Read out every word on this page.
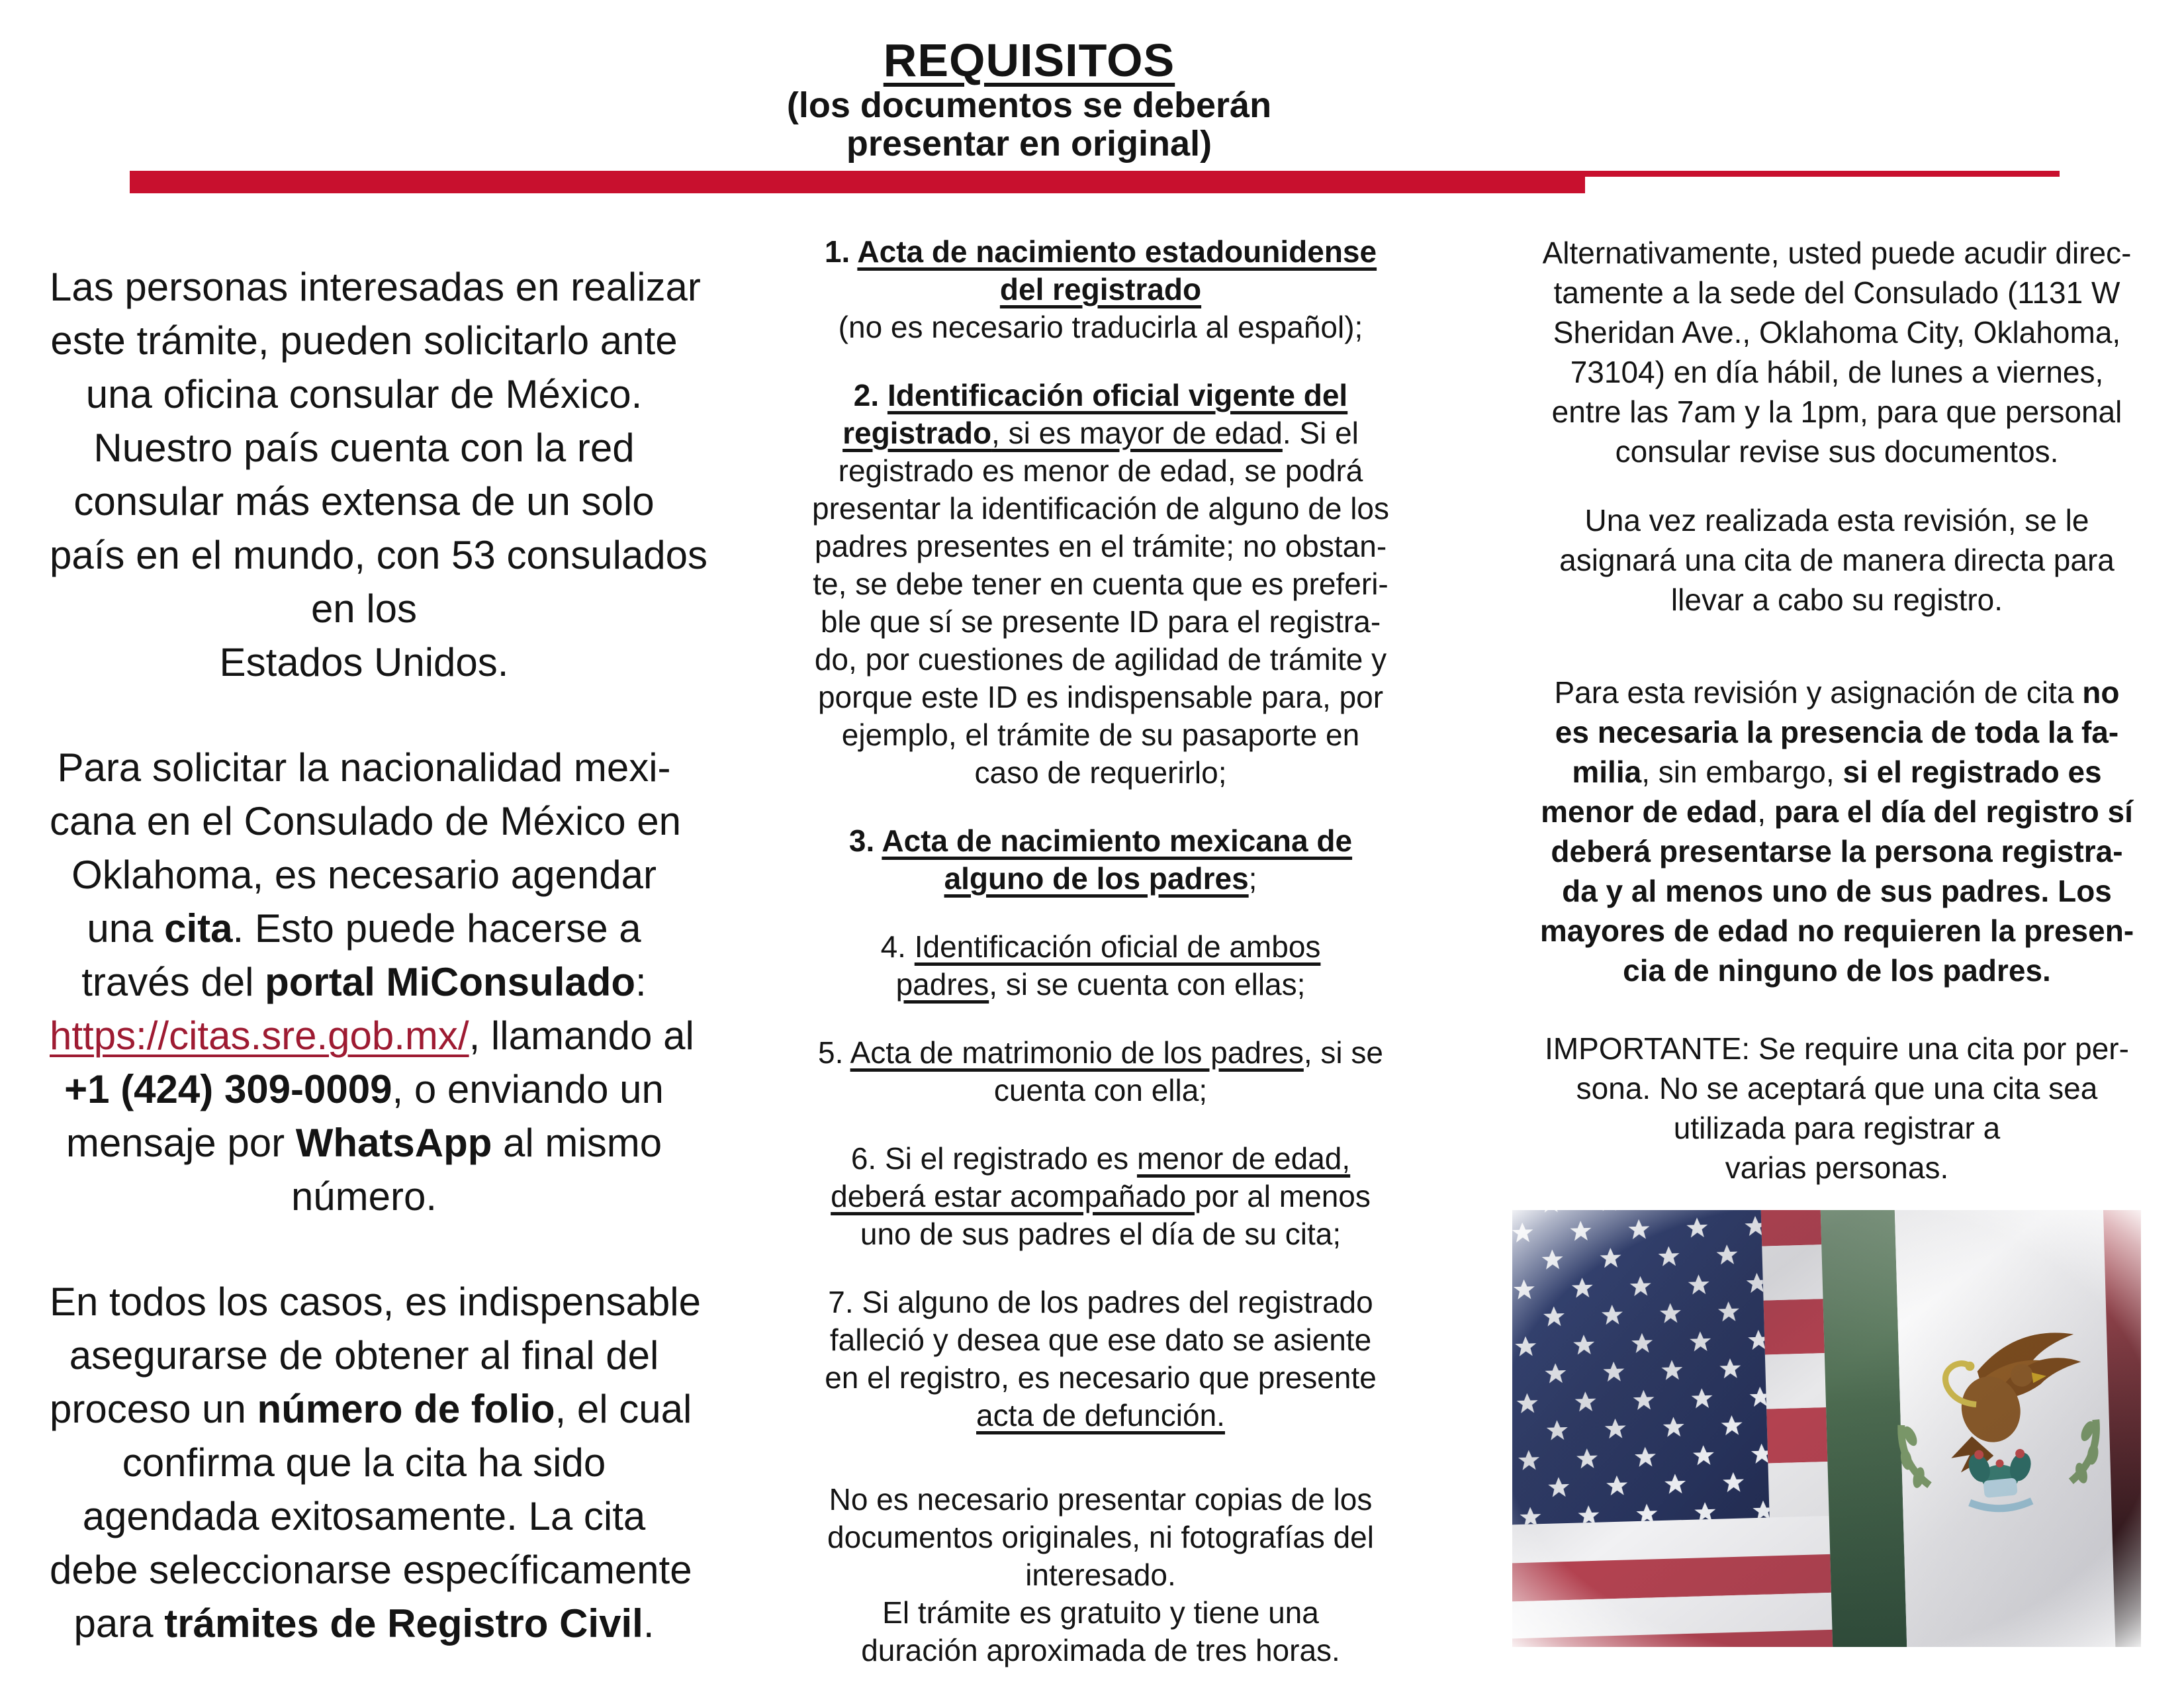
REQUISITOS
(los documentos se deberán
presentar en original)
Las personas interesadas en realizar
este trámite, pueden solicitarlo ante
una oficina consular de México.
Nuestro país cuenta con la red
consular más extensa de un solo
país en el mundo, con 53 consulados
en los
Estados Unidos.
Para solicitar la nacionalidad mexi-
cana en el Consulado de México en
Oklahoma, es necesario agendar
una cita. Esto puede hacerse a
través del portal MiConsulado:
https://citas.sre.gob.mx/, llamando al
+1 (424) 309-0009, o enviando un
mensaje por WhatsApp al mismo
número.
En todos los casos, es indispensable
asegurarse de obtener al final del
proceso un número de folio, el cual
confirma que la cita ha sido
agendada exitosamente. La cita
debe seleccionarse específicamente
para trámites de Registro Civil.
1. Acta de nacimiento estadounidense
del registrado
(no es necesario traducirla al español);
2. Identificación oficial vigente del
registrado, si es mayor de edad. Si el
registrado es menor de edad, se podrá
presentar la identificación de alguno de los
padres presentes en el trámite; no obstan-
te, se debe tener en cuenta que es preferi-
ble que sí se presente ID para el registra-
do, por cuestiones de agilidad de trámite y
porque este ID es indispensable para, por
ejemplo, el trámite de su pasaporte en
caso de requerirlo;
3. Acta de nacimiento mexicana de
alguno de los padres;
4. Identificación oficial de ambos
padres, si se cuenta con ellas;
5. Acta de matrimonio de los padres, si se
cuenta con ella;
6. Si el registrado es menor de edad,
deberá estar acompañado por al menos
uno de sus padres el día de su cita;
7. Si alguno de los padres del registrado
falleció y desea que ese dato se asiente
en el registro, es necesario que presente
acta de defunción.
No es necesario presentar copias de los
documentos originales, ni fotografías del
interesado.
El trámite es gratuito y tiene una
duración aproximada de tres horas.
Alternativamente, usted puede acudir direc-
tamente a la sede del Consulado (1131 W
Sheridan Ave., Oklahoma City, Oklahoma,
73104) en día hábil, de lunes a viernes,
entre las 7am y la 1pm, para que personal
consular revise sus documentos.
Una vez realizada esta revisión, se le
asignará una cita de manera directa para
llevar a cabo su registro.
Para esta revisión y asignación de cita no
es necesaria la presencia de toda la fa-
milia, sin embargo, si el registrado es
menor de edad, para el día del registro sí
deberá presentarse la persona registra-
da y al menos uno de sus padres. Los
mayores de edad no requieren la presen-
cia de ninguno de los padres.
IMPORTANTE: Se require una cita por per-
sona. No se aceptará que una cita sea
utilizada para registrar a
varias personas.
